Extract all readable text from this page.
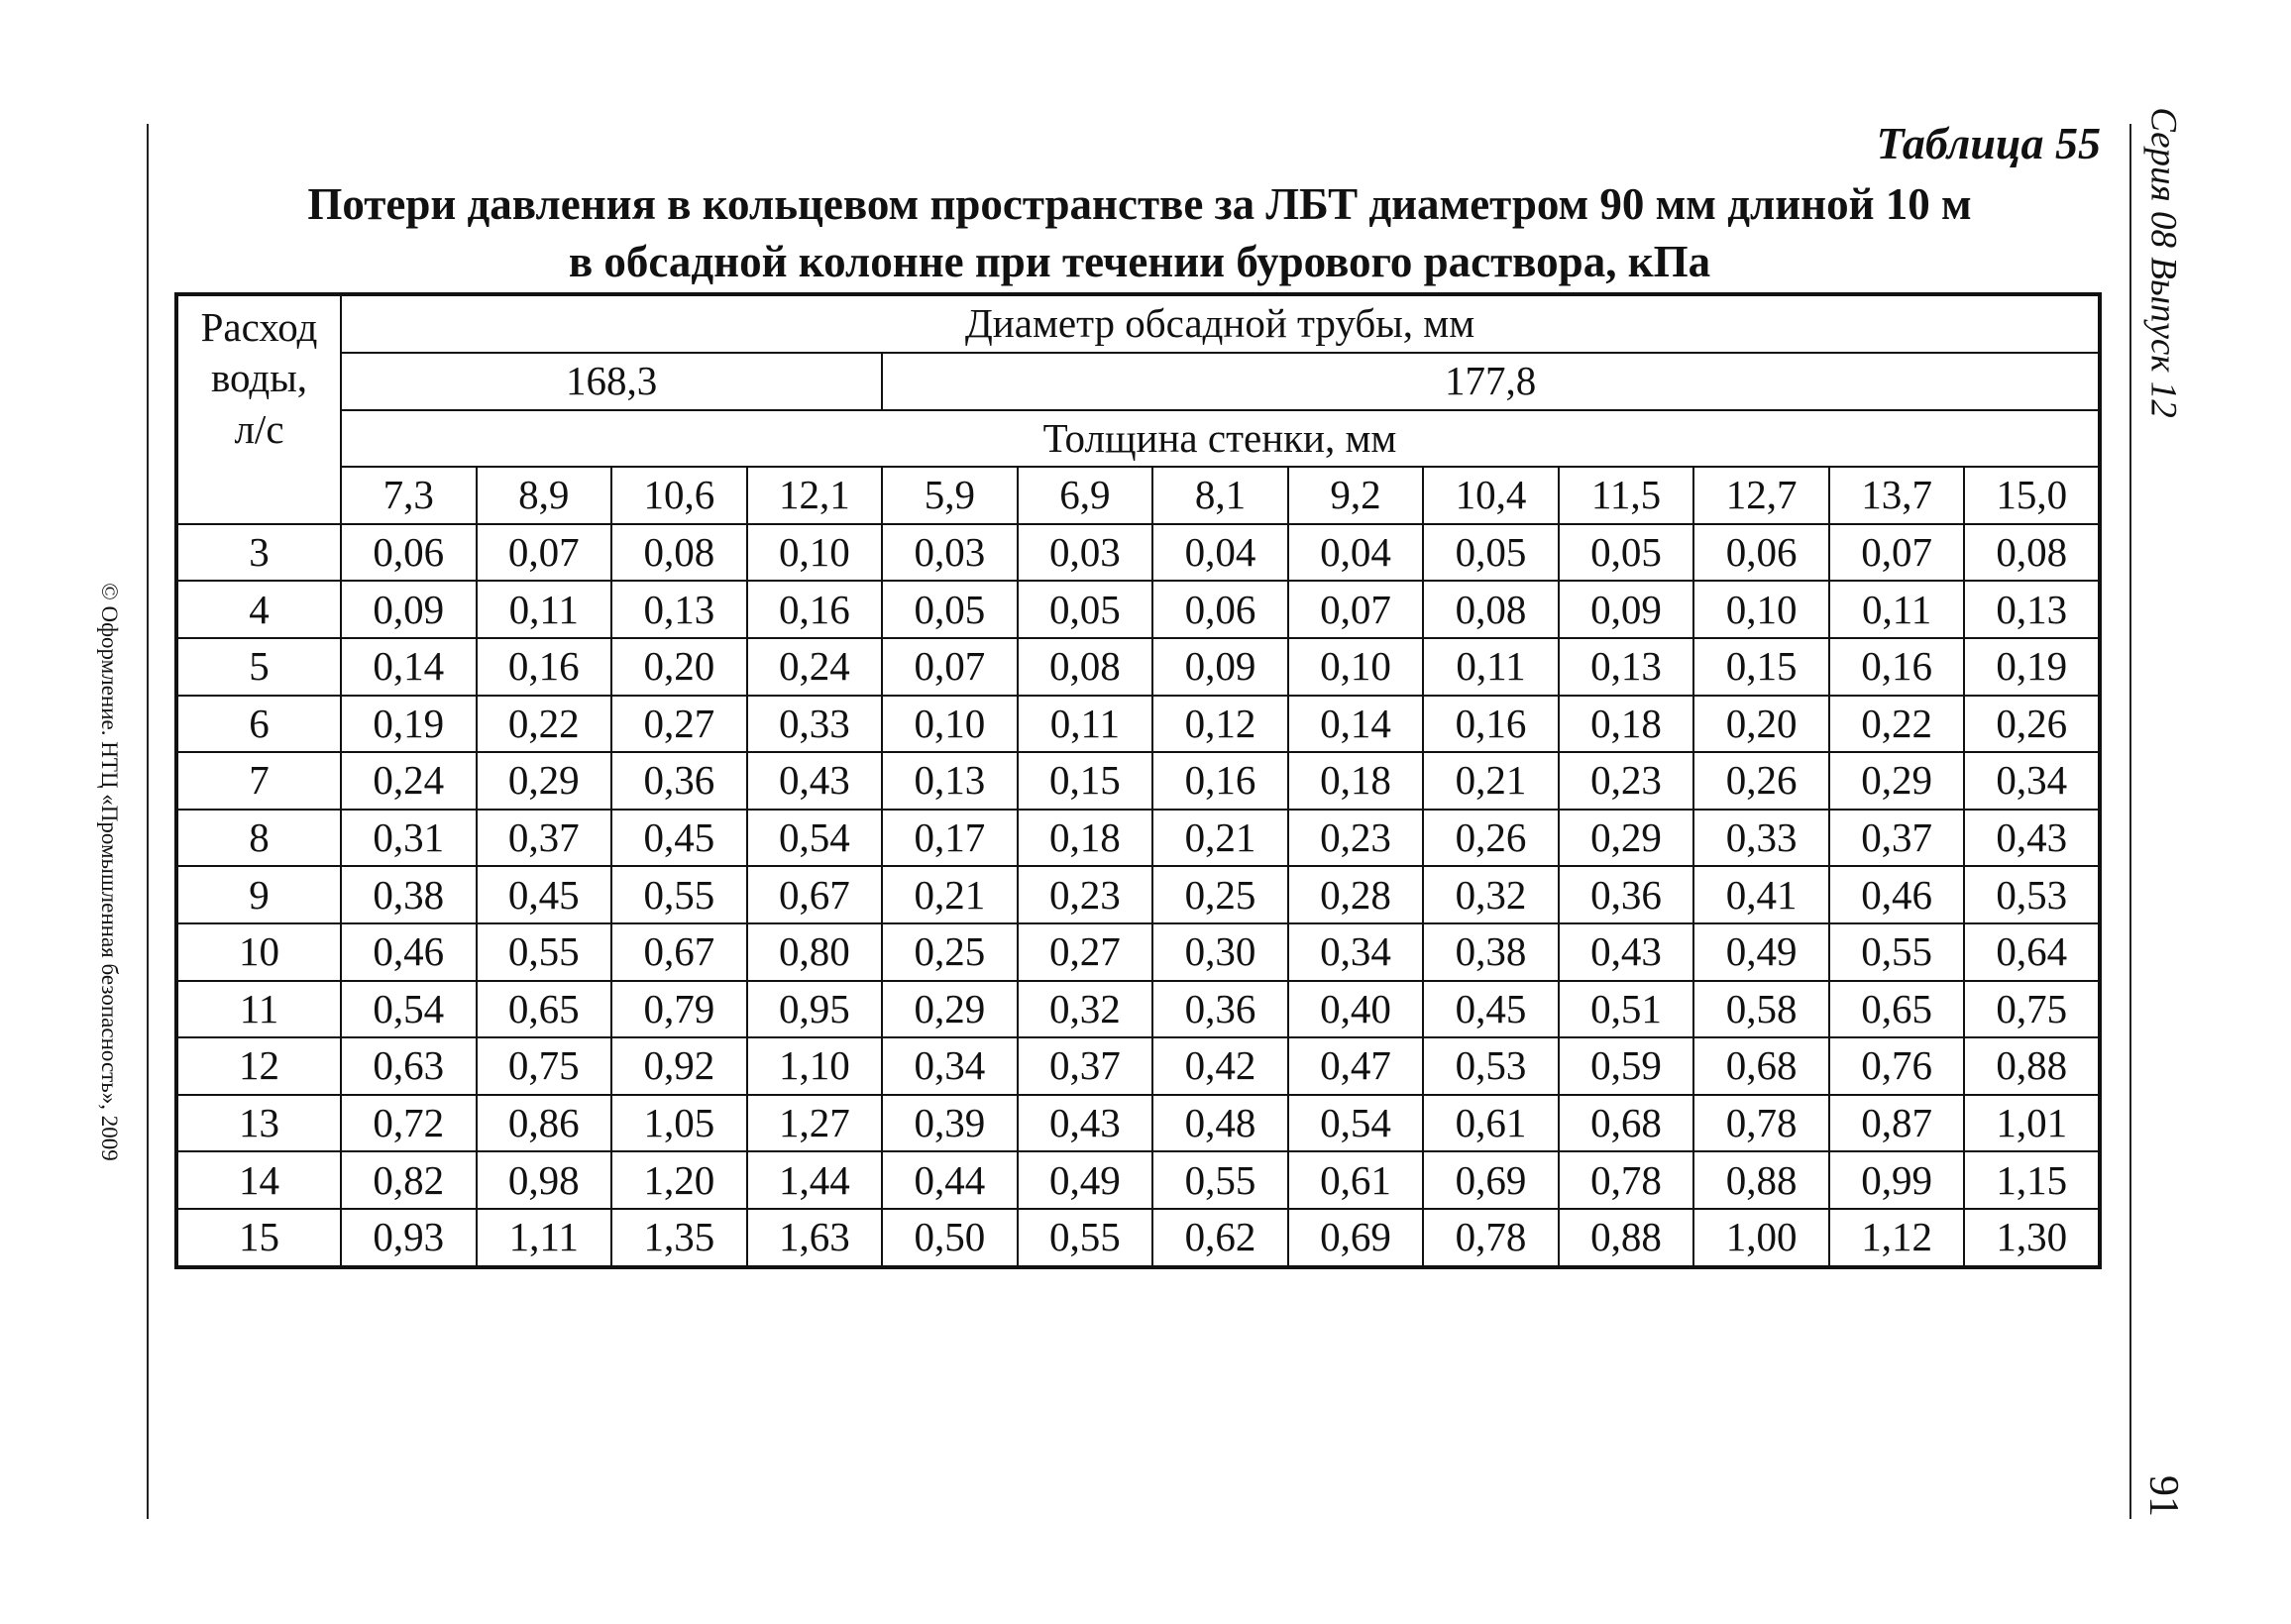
© Оформление. НТЦ «Промышленная безопасность», 2009
Серия 08 Выпуск 12
91
Таблица 55
Потери давления в кольцевом пространстве за ЛБТ диаметром 90 мм длиной 10 м
в обсадной колонне при течении бурового раствора, кПа
Расход
воды,
л/с	Диаметр обсадной трубы, мм												
	168,3				177,8								
	Толщина стенки, мм												
	7,3	8,9	10,6	12,1	5,9	6,9	8,1	9,2	10,4	11,5	12,7	13,7	15,0
3	0,06	0,07	0,08	0,10	0,03	0,03	0,04	0,04	0,05	0,05	0,06	0,07	0,08
4	0,09	0,11	0,13	0,16	0,05	0,05	0,06	0,07	0,08	0,09	0,10	0,11	0,13
5	0,14	0,16	0,20	0,24	0,07	0,08	0,09	0,10	0,11	0,13	0,15	0,16	0,19
6	0,19	0,22	0,27	0,33	0,10	0,11	0,12	0,14	0,16	0,18	0,20	0,22	0,26
7	0,24	0,29	0,36	0,43	0,13	0,15	0,16	0,18	0,21	0,23	0,26	0,29	0,34
8	0,31	0,37	0,45	0,54	0,17	0,18	0,21	0,23	0,26	0,29	0,33	0,37	0,43
9	0,38	0,45	0,55	0,67	0,21	0,23	0,25	0,28	0,32	0,36	0,41	0,46	0,53
10	0,46	0,55	0,67	0,80	0,25	0,27	0,30	0,34	0,38	0,43	0,49	0,55	0,64
11	0,54	0,65	0,79	0,95	0,29	0,32	0,36	0,40	0,45	0,51	0,58	0,65	0,75
12	0,63	0,75	0,92	1,10	0,34	0,37	0,42	0,47	0,53	0,59	0,68	0,76	0,88
13	0,72	0,86	1,05	1,27	0,39	0,43	0,48	0,54	0,61	0,68	0,78	0,87	1,01
14	0,82	0,98	1,20	1,44	0,44	0,49	0,55	0,61	0,69	0,78	0,88	0,99	1,15
15	0,93	1,11	1,35	1,63	0,50	0,55	0,62	0,69	0,78	0,88	1,00	1,12	1,30
